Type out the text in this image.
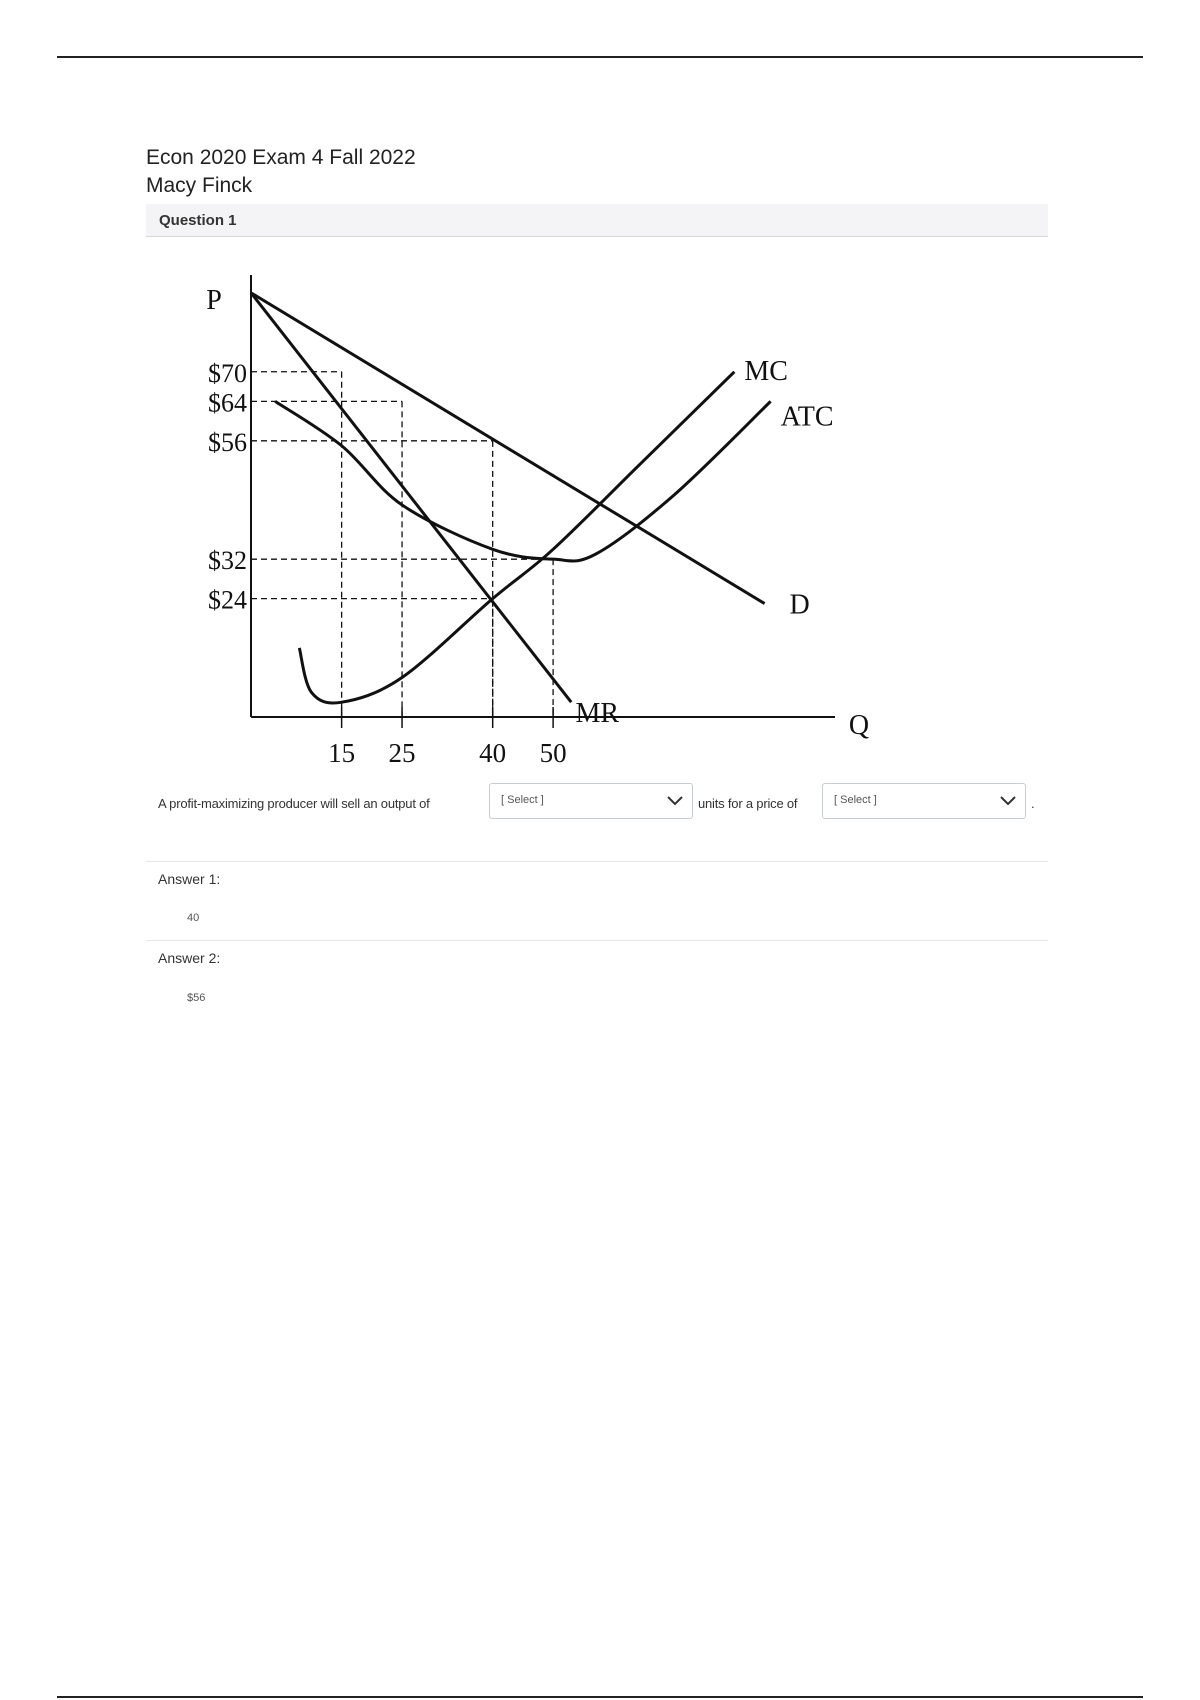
Econ 2020 Exam 4 Fall 2022
Macy Finck
Question 1
15 25 40 50
$70
$64
$56
$32
$24
P
Q
D
MR
MC
ATC
A profit-maximizing producer will sell an output of	[ Select ]	units for a price of	[ Select ]	.
Answer 1:
40
Answer 2:
$56
